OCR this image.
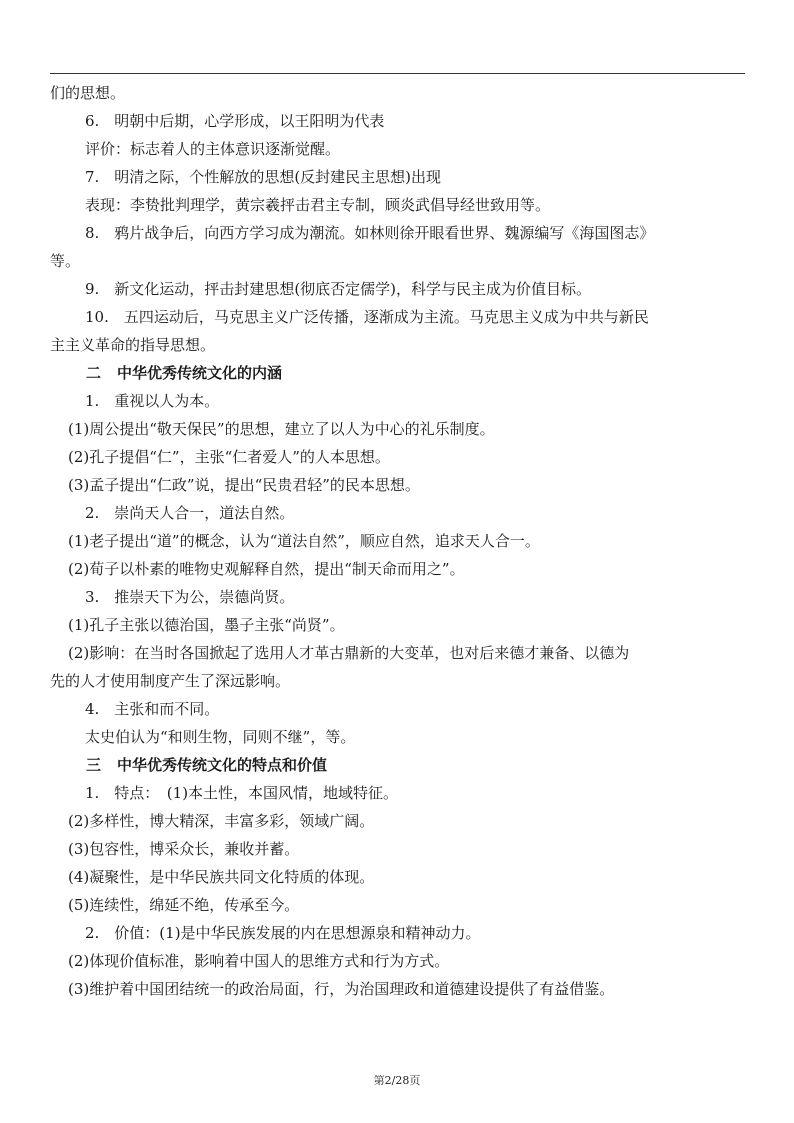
们的思想。
6.　明朝中后期，心学形成，以王阳明为代表
评价：标志着人的主体意识逐渐觉醒。
7.　明清之际，个性解放的思想(反封建民主思想)出现
表现：李贽批判理学，黄宗羲抨击君主专制，顾炎武倡导经世致用等。
8.　鸦片战争后，向西方学习成为潮流。如林则徐开眼看世界、魏源编写《海国图志》
等。
9.　新文化运动，抨击封建思想(彻底否定儒学)，科学与民主成为价值目标。
10.　五四运动后，马克思主义广泛传播，逐渐成为主流。马克思主义成为中共与新民
主主义革命的指导思想。
二 中华优秀传统文化的内涵
1.　重视以人为本。
(1)周公提出“敬天保民”的思想，建立了以人为中心的礼乐制度。
(2)孔子提倡“仁”，主张“仁者爱人”的人本思想。
(3)孟子提出“仁政”说，提出“民贵君轻”的民本思想。
2.　崇尚天人合一，道法自然。
(1)老子提出“道”的概念，认为“道法自然”，顺应自然，追求天人合一。
(2)荀子以朴素的唯物史观解释自然，提出“制天命而用之”。
3.　推崇天下为公，崇德尚贤。
(1)孔子主张以德治国，墨子主张“尚贤”。
(2)影响：在当时各国掀起了选用人才革古鼎新的大变革，也对后来德才兼备、以德为
先的人才使用制度产生了深远影响。
4.　主张和而不同。
太史伯认为“和则生物，同则不继”，等。
三 中华优秀传统文化的特点和价值
1.　特点：　(1)本土性，本国风情，地域特征。
(2)多样性，博大精深，丰富多彩，领域广阔。
(3)包容性，博采众长，兼收并蓄。
(4)凝聚性，是中华民族共同文化特质的体现。
(5)连续性，绵延不绝，传承至今。
2.　价值：(1)是中华民族发展的内在思想源泉和精神动力。
(2)体现价值标准，影响着中国人的思维方式和行为方式。
(3)维护着中国团结统一的政治局面，行，为治国理政和道德建设提供了有益借鉴。
第2/28页
